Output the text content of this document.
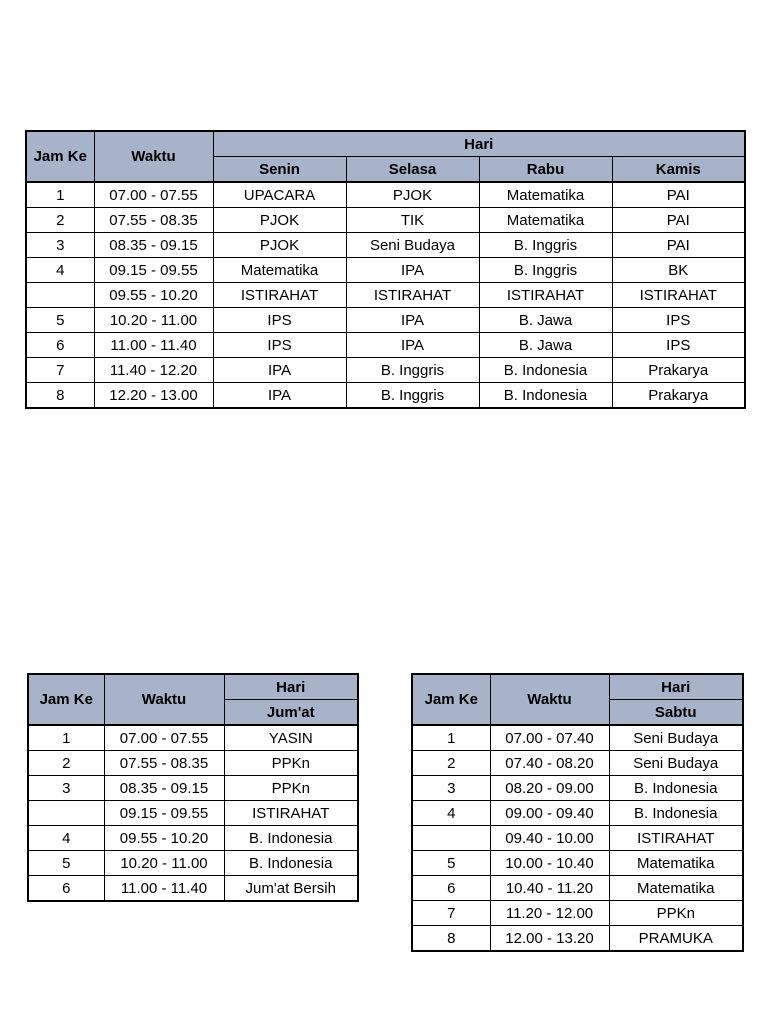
Jam Ke	Waktu	Hari			
		Senin	Selasa	Rabu	Kamis
1	07.00 - 07.55	UPACARA	PJOK	Matematika	PAI
2	07.55 - 08.35	PJOK	TIK	Matematika	PAI
3	08.35 - 09.15	PJOK	Seni Budaya	B. Inggris	PAI
4	09.15 - 09.55	Matematika	IPA	B. Inggris	BK
	09.55 - 10.20	ISTIRAHAT	ISTIRAHAT	ISTIRAHAT	ISTIRAHAT
5	10.20 - 11.00	IPS	IPA	B. Jawa	IPS
6	11.00 - 11.40	IPS	IPA	B. Jawa	IPS
7	11.40 - 12.20	IPA	B. Inggris	B. Indonesia	Prakarya
8	12.20 - 13.00	IPA	B. Inggris	B. Indonesia	Prakarya
Jam Ke	Waktu	Hari
		Jum'at
1	07.00 - 07.55	YASIN
2	07.55 - 08.35	PPKn
3	08.35 - 09.15	PPKn
	09.15 - 09.55	ISTIRAHAT
4	09.55 - 10.20	B. Indonesia
5	10.20 - 11.00	B. Indonesia
6	11.00 - 11.40	Jum'at Bersih
Jam Ke	Waktu	Hari
		Sabtu
1	07.00 - 07.40	Seni Budaya
2	07.40 - 08.20	Seni Budaya
3	08.20 - 09.00	B. Indonesia
4	09.00 - 09.40	B. Indonesia
	09.40 - 10.00	ISTIRAHAT
5	10.00 - 10.40	Matematika
6	10.40 - 11.20	Matematika
7	11.20 - 12.00	PPKn
8	12.00 - 13.20	PRAMUKA
